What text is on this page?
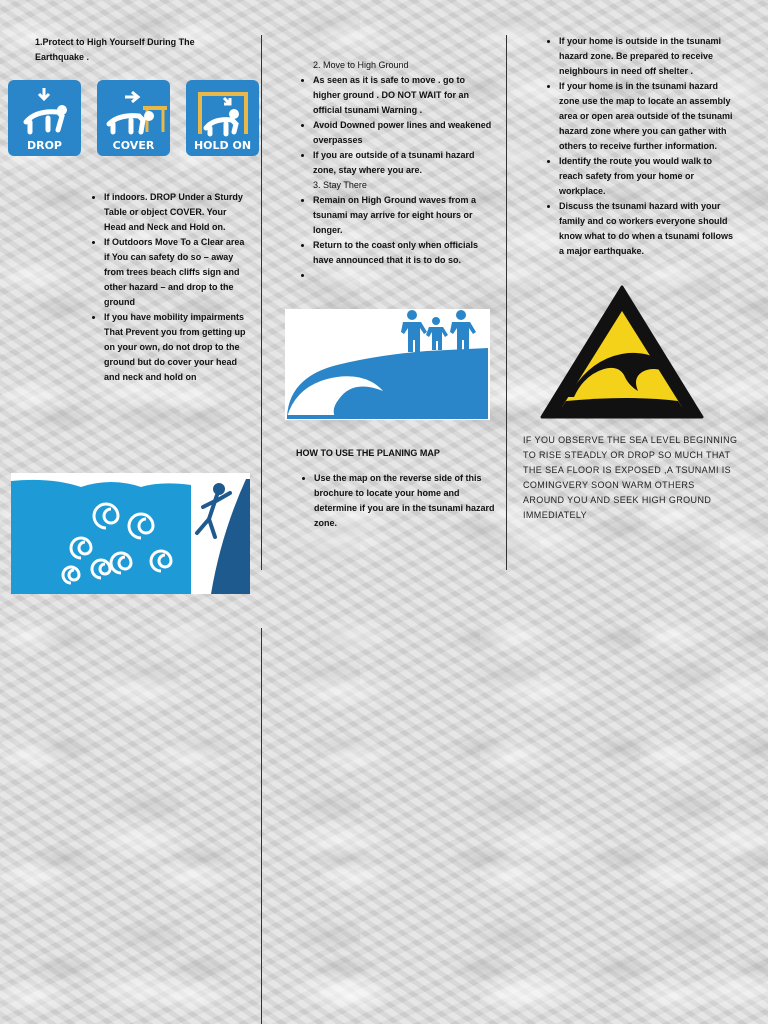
1.Protect to High Yourself During The Earthquake .
DROP	COVER	HOLD ON
• If indoors. DROP Under a Sturdy Table or object COVER. Your Head and Neck and Hold on.
• If Outdoors Move To a Clear area if You can safety do so – away from trees beach cliffs sign and other hazard – and drop to the ground
• If you have mobility impairments That Prevent you from getting up on your own, do not drop to the ground but do cover your head and neck and hold on
2. Move to High Ground
• As seen as it is safe to move . go to higher ground . DO NOT WAIT for an official tsunami Warning .
• Avoid Downed power lines and weakened overpasses
• If you are outside of a tsunami hazard zone, stay where you are.
3. Stay There
• Remain on High Ground waves from a tsunami may arrive for eight hours or longer.
• Return to the coast only when officials have announced that it is to do so.
•
HOW TO USE THE PLANING MAP
• Use the map on the reverse side of this brochure to locate your home and determine if you are in the tsunami hazard zone.
• If your home is outside in the tsunami hazard zone. Be prepared to receive neighbours in need off shelter .
• If your home is in the tsunami hazard zone use the map to locate an assembly area or open area outside of the tsunami hazard zone where you can gather with others to receive further information.
• Identify the route you would walk to reach safety from your home or workplace.
• Discuss the tsunami hazard with your family and co workers everyone should know what to do when a tsunami follows a major earthquake.
IF YOU OBSERVE THE SEA LEVEL BEGINNING TO RISE STEADLY OR DROP SO MUCH THAT THE SEA FLOOR IS EXPOSED ,A TSUNAMI IS COMINGVERY SOON WARM OTHERS AROUND YOU AND SEEK HIGH GROUND IMMEDIATELY
